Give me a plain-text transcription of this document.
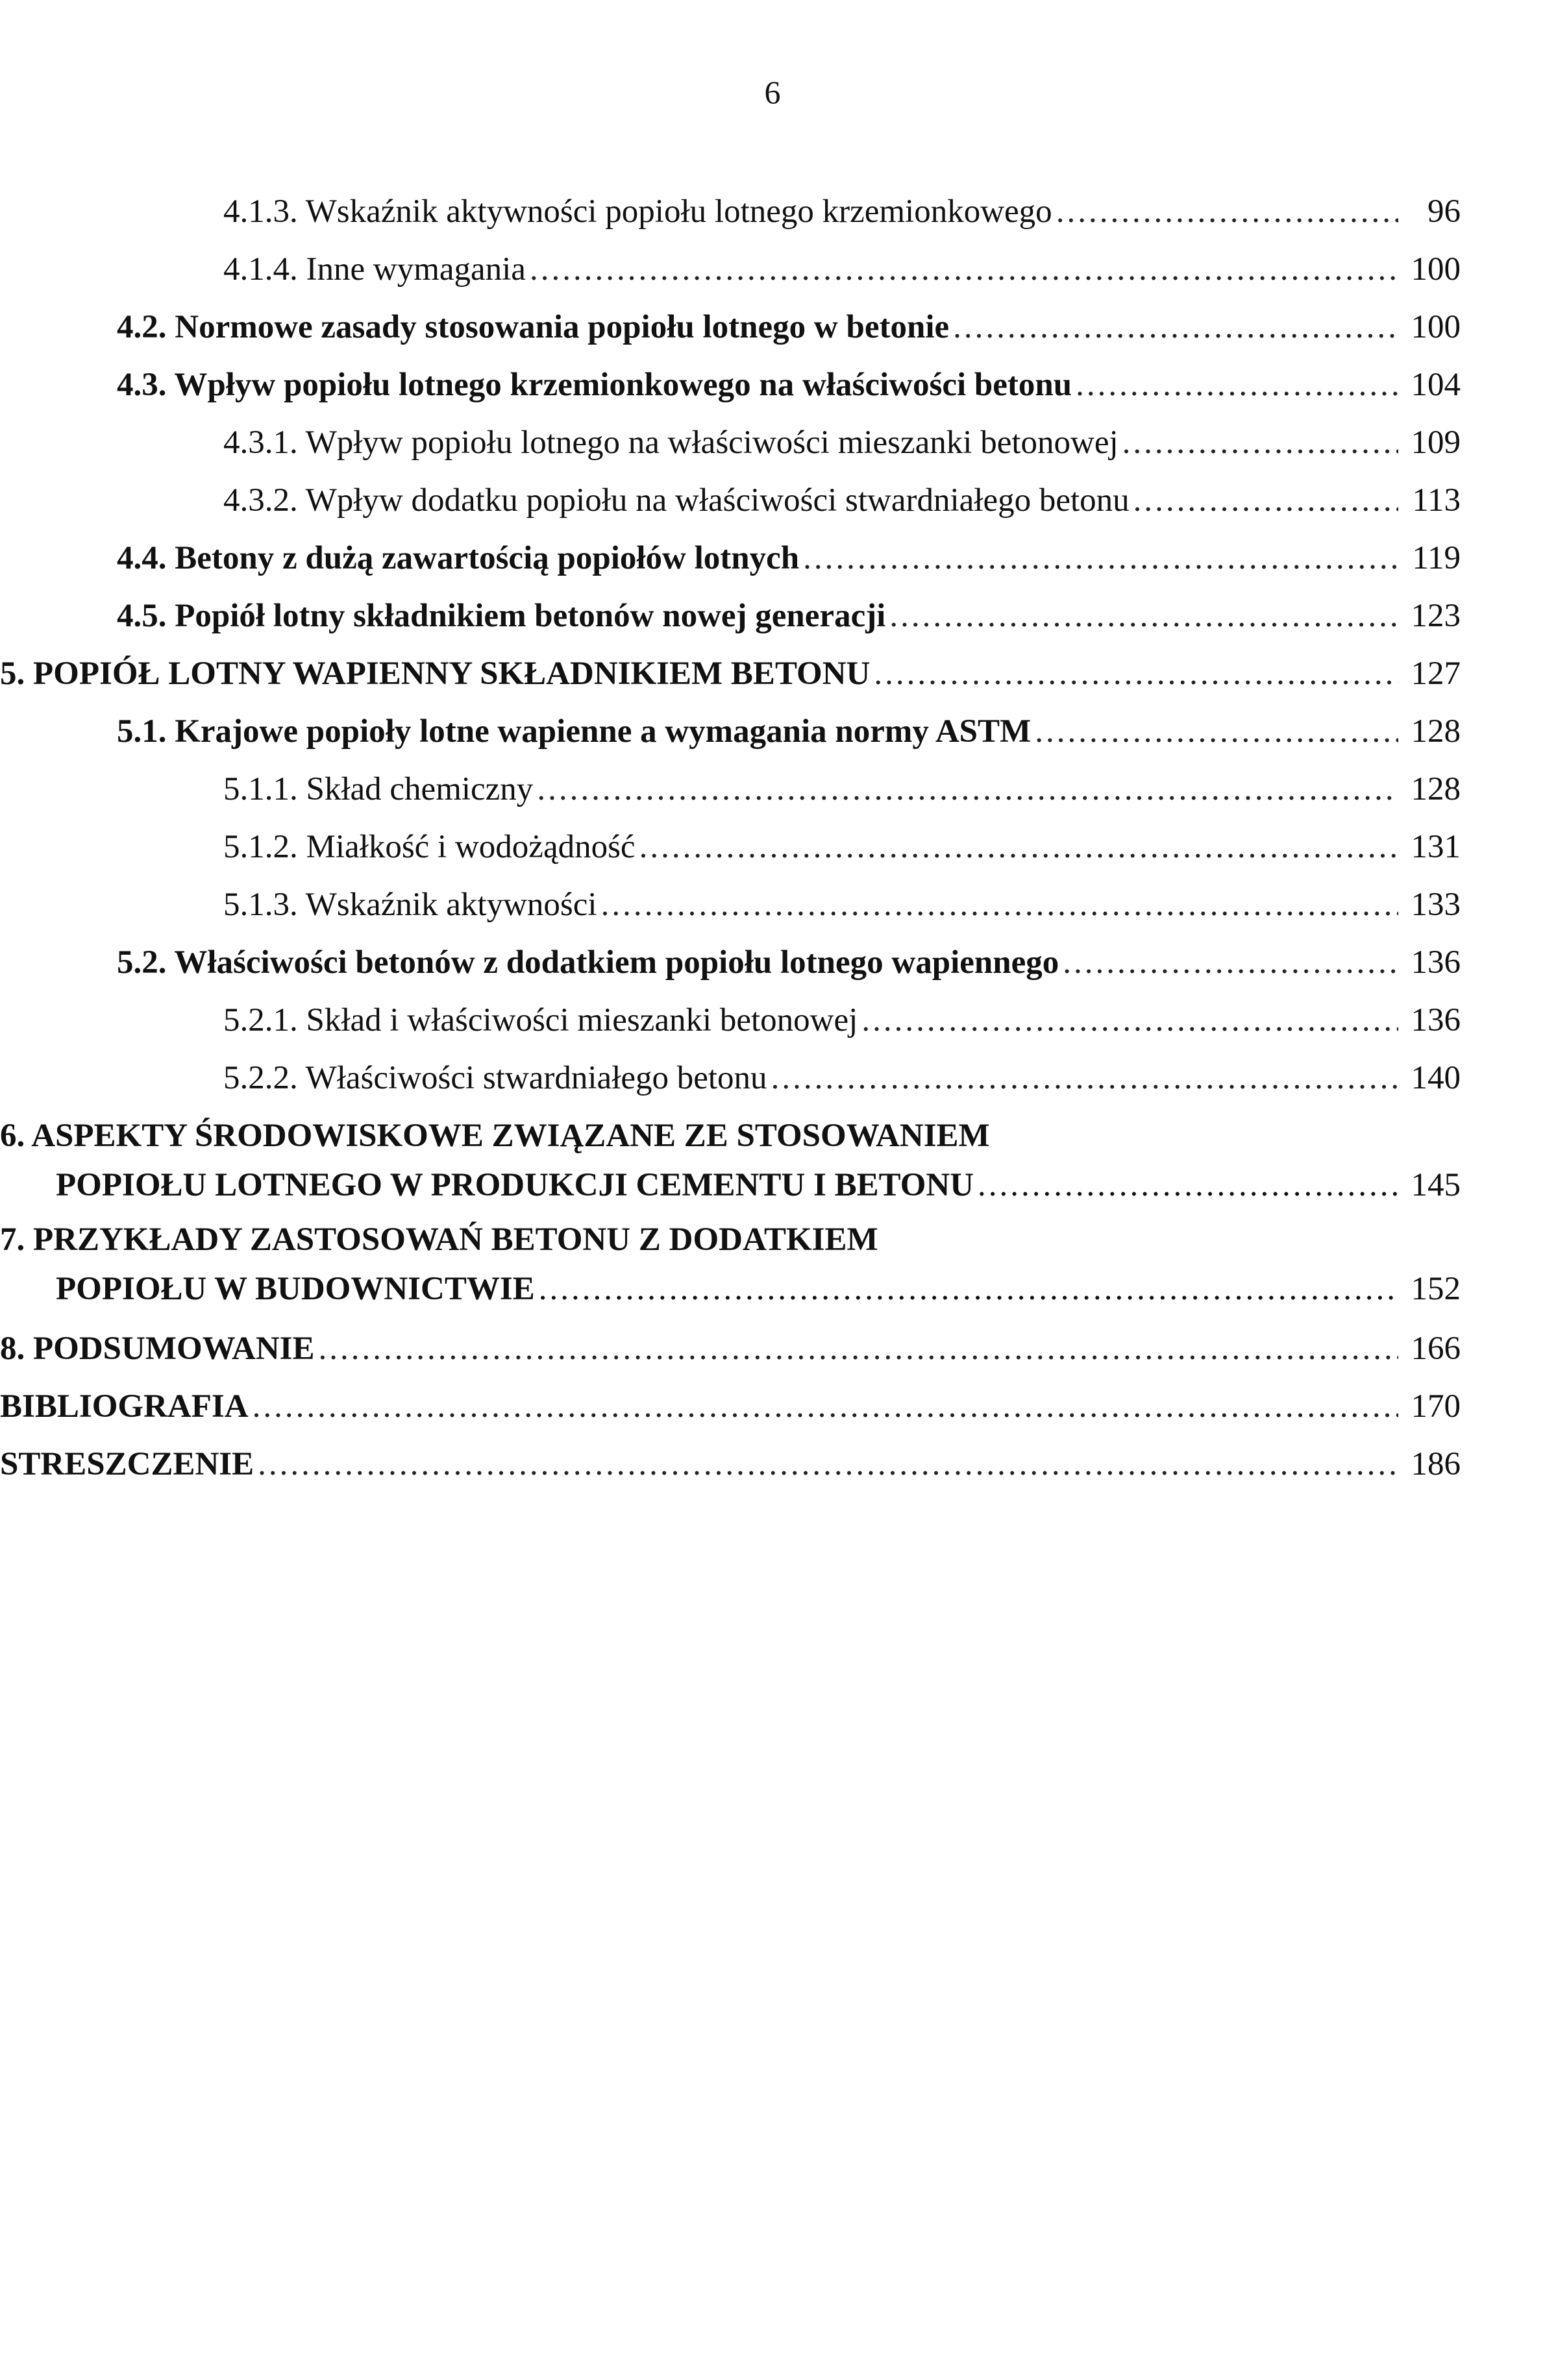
6
4.1.3. Wskaźnik aktywności popiołu lotnego krzemionkowego .....	96
4.1.4. Inne wymagania .....	100
4.2. Normowe zasady stosowania popiołu lotnego w betonie .....	100
4.3. Wpływ popiołu lotnego krzemionkowego na właściwości betonu .....	104
4.3.1. Wpływ popiołu lotnego na właściwości mieszanki betonowej .....	109
4.3.2. Wpływ dodatku popiołu na właściwości stwardniałego betonu .....	113
4.4. Betony z dużą zawartością popiołów lotnych .....	119
4.5. Popiół lotny składnikiem betonów nowej generacji .....	123
5. POPIÓŁ LOTNY WAPIENNY SKŁADNIKIEM BETONU .....	127
5.1. Krajowe popioły lotne wapienne a wymagania normy ASTM .....	128
5.1.1. Skład chemiczny .....	128
5.1.2. Miałkość i wodożądność .....	131
5.1.3. Wskaźnik aktywności .....	133
5.2. Właściwości betonów z dodatkiem popiołu lotnego wapiennego .....	136
5.2.1. Skład i właściwości mieszanki betonowej .....	136
5.2.2. Właściwości stwardniałego betonu .....	140
6. ASPEKTY ŚRODOWISKOWE ZWIĄZANE ZE STOSOWANIEM
POPIOŁU LOTNEGO W PRODUKCJI CEMENTU I BETONU .....	145
7. PRZYKŁADY ZASTOSOWAŃ BETONU Z DODATKIEM
POPIOŁU W BUDOWNICTWIE .....	152
8. PODSUMOWANIE .....	166
BIBLIOGRAFIA .....	170
STRESZCZENIE .....	186
